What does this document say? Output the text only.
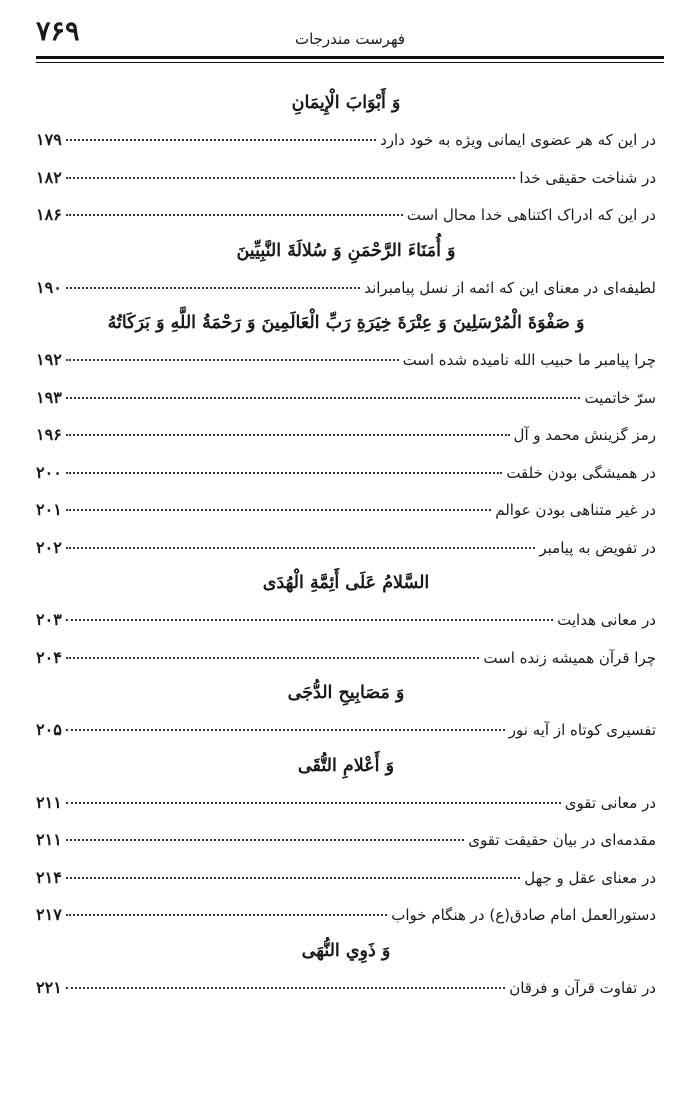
۷۶۹	فهرست مندرجات
وَ أَبْوَابَ الْإِيمَانِ
در این که هر عضوی ایمانی ویژه به خود دارد
۱۷۹
در شناخت حقیقی خدا
۱۸۲
در این که ادراک اکتناهی خدا محال است
۱۸۶
وَ أُمَنَاءَ الرَّحْمَنِ وَ سُلالَةَ النَّبِيِّينَ
لطیفه‌ای در معنای این که ائمه از نسل پیامبراند
۱۹۰
وَ صَفْوَةَ الْمُرْسَلِينَ وَ عِتْرَةَ خِيَرَةِ رَبِّ الْعَالَمِينَ وَ رَحْمَةُ اللَّهِ وَ بَرَكَاتُهُ
چرا پیامبر ما حبیب الله نامیده شده است
۱۹۲
سرّ خاتمیت
۱۹۳
رمز گزینش محمد و آل
۱۹۶
در همیشگی بودن خلقت
۲۰۰
در غیر متناهی بودن عوالم
۲۰۱
در تفویض به پیامبر
۲۰۲
السَّلامُ عَلَى أَئِمَّةِ الْهُدَى
در معانی هدایت
۲۰۳
چرا قرآن همیشه زنده است
۲۰۴
وَ مَصَابِيحِ الدُّجَى
تفسیری کوتاه از آیه نور
۲۰۵
وَ أَعْلامِ التُّقَى
در معانی تقوی
۲۱۱
مقدمه‌ای در بیان حقیقت تقوی
۲۱۱
در معنای عقل و جهل
۲۱۴
دستورالعمل امام صادق(ع) در هنگام خواب
۲۱۷
وَ ذَوِي النُّهَى
در تفاوت قرآن و فرقان
۲۲۱
